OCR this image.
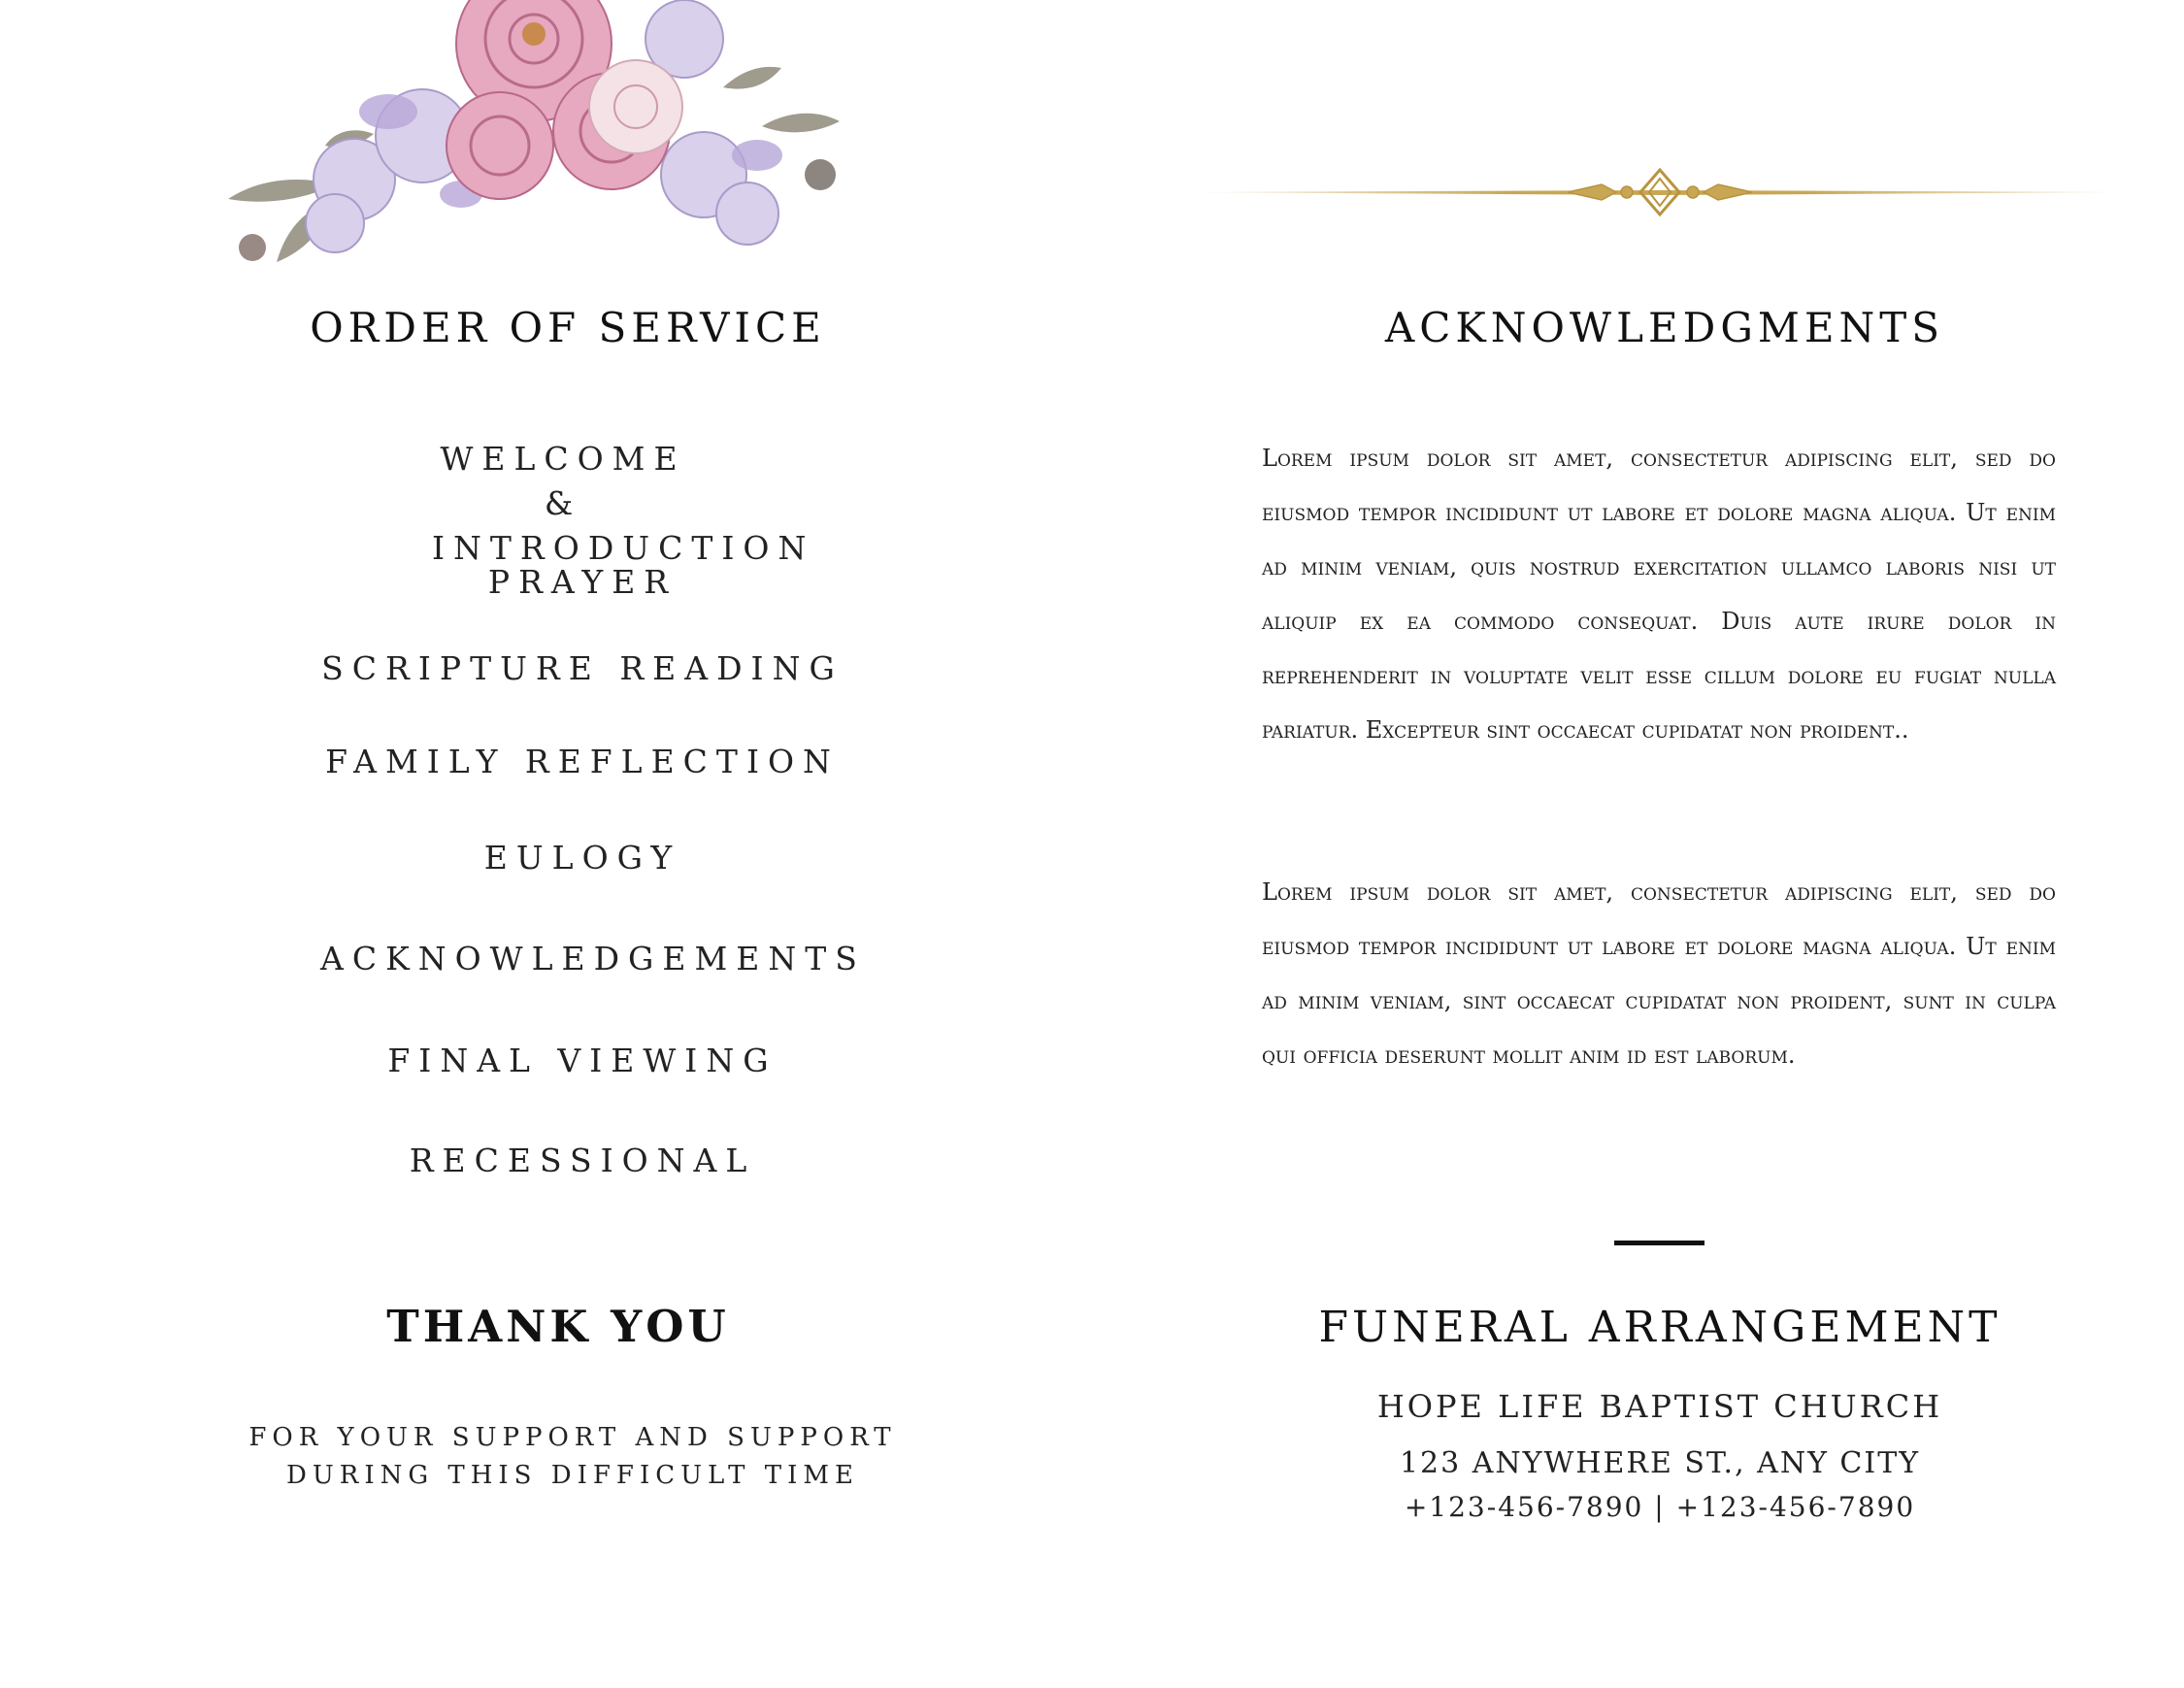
ORDER OF SERVICE
WELCOME & INTRODUCTION
PRAYER
SCRIPTURE READING
FAMILY REFLECTION
EULOGY
ACKNOWLEDGEMENTS
FINAL VIEWING
RECESSIONAL
THANK YOU
FOR YOUR SUPPORT AND SUPPORT
DURING THIS DIFFICULT TIME
ACKNOWLEDGMENTS

Lorem ipsum dolor sit amet, consectetur adipiscing elit, sed do eiusmod tempor incididunt ut labore et dolore magna aliqua. Ut enim ad minim veniam, quis nostrud exercitation ullamco laboris nisi ut aliquip ex ea commodo consequat. Duis aute irure dolor in reprehenderit in voluptate velit esse cillum dolore eu fugiat nulla pariatur. Excepteur sint occaecat cupidatat non proident..

Lorem ipsum dolor sit amet, consectetur adipiscing elit, sed do eiusmod tempor incididunt ut labore et dolore magna aliqua. Ut enim ad minim veniam, sint occaecat cupidatat non proident, sunt in culpa qui officia deserunt mollit anim id est laborum.

FUNERAL ARRANGEMENT
HOPE LIFE BAPTIST CHURCH
123 ANYWHERE ST., ANY CITY
+123-456-7890 | +123-456-7890
